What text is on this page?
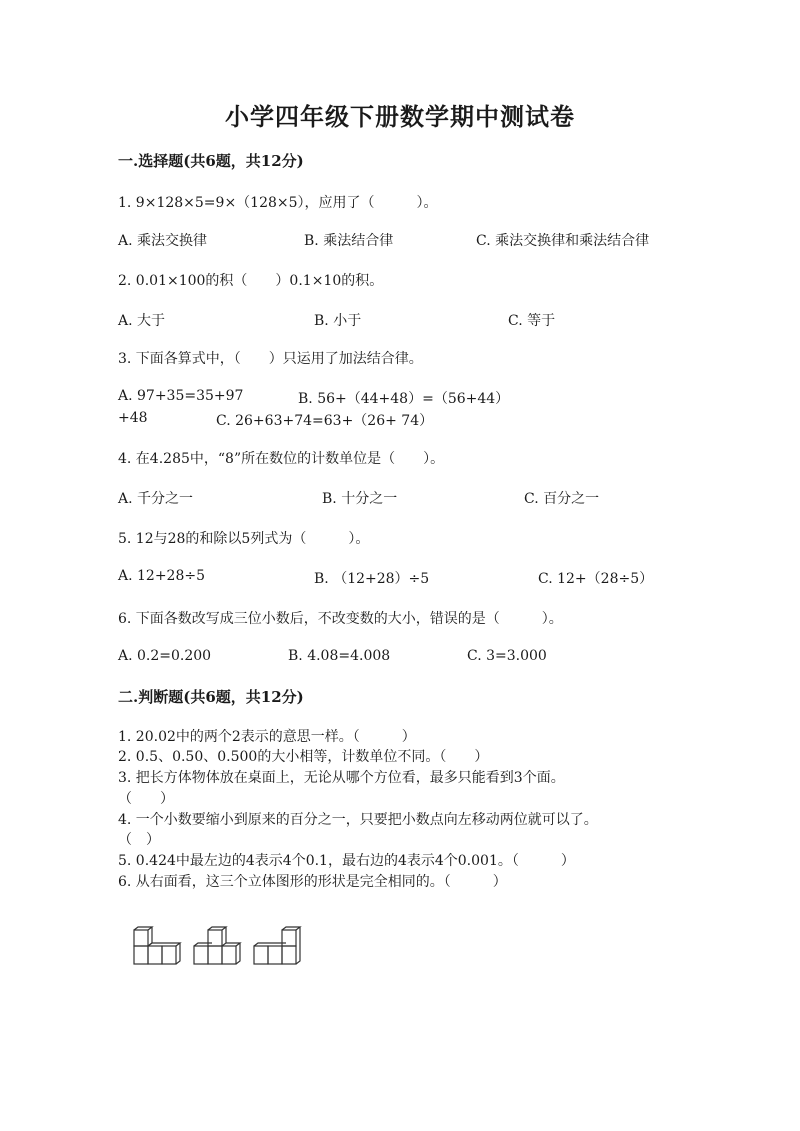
小学四年级下册数学期中测试卷
一.选择题(共6题，共12分)
1. 9×128×5=9×（128×5），应用了（　　　）。
A. 乘法交换律	B. 乘法结合律	C. 乘法交换律和乘法结合律
2. 0.01×100的积（　　）0.1×10的积。
A. 大于	B. 小于	C. 等于
3. 下面各算式中，（　　）只运用了加法结合律。
A. 97+35=35+97	B. 56+（44+48）=（56+44）
+48	C. 26+63+74=63+（26+ 74）
4. 在4.285中，“8”所在数位的计数单位是（　　）。
A. 千分之一	B. 十分之一	C. 百分之一
5. 12与28的和除以5列式为（　　　）。
A. 12+28÷5	B. （12+28）÷5	C. 12+（28÷5）
6. 下面各数改写成三位小数后，不改变数的大小，错误的是（　　　）。
A. 0.2=0.200	B. 4.08=4.008	C. 3=3.000
二.判断题(共6题，共12分)
1. 20.02中的两个2表示的意思一样。（　　　）
2. 0.5、0.50、0.500的大小相等，计数单位不同。（　　）
3. 把长方体物体放在桌面上，无论从哪个方位看，最多只能看到3个面。
（　　）
4. 一个小数要缩小到原来的百分之一，只要把小数点向左移动两位就可以了。
（　）
5. 0.424中最左边的4表示4个0.1，最右边的4表示4个0.001。（　　　）
6. 从右面看，这三个立体图形的形状是完全相同的。（　　　）
